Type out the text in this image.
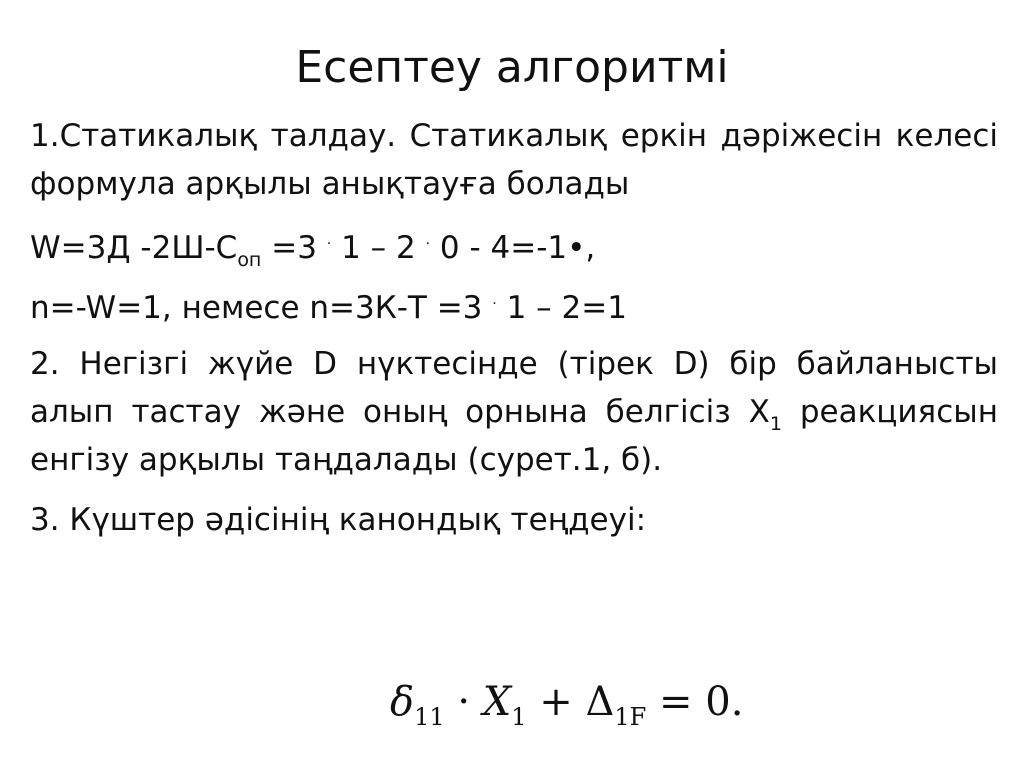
Есептеу алгоритмі

1.Статикалық талдау. Статикалық еркін дәріжесін келесі формула арқылы анықтауға болады

W=3Д $-2Ш-С_{оп} =3$ · 1 – 2 · 0 - 4=-1•,

n=-W=1, немесе n=3К-Т =3 · 1 – 2=1

2. Негізгі жүйе D нүктесінде (тірек D) бір байланысты алып тастау және оның орнына белгісіз $X_1$ реакциясын енгізу арқылы таңдалады (сурет.1, б).

3. Күштер әдісінің канондық теңдеуі:

$\delta_{11} \cdot X_1 + \Delta_{1F} = 0$.
